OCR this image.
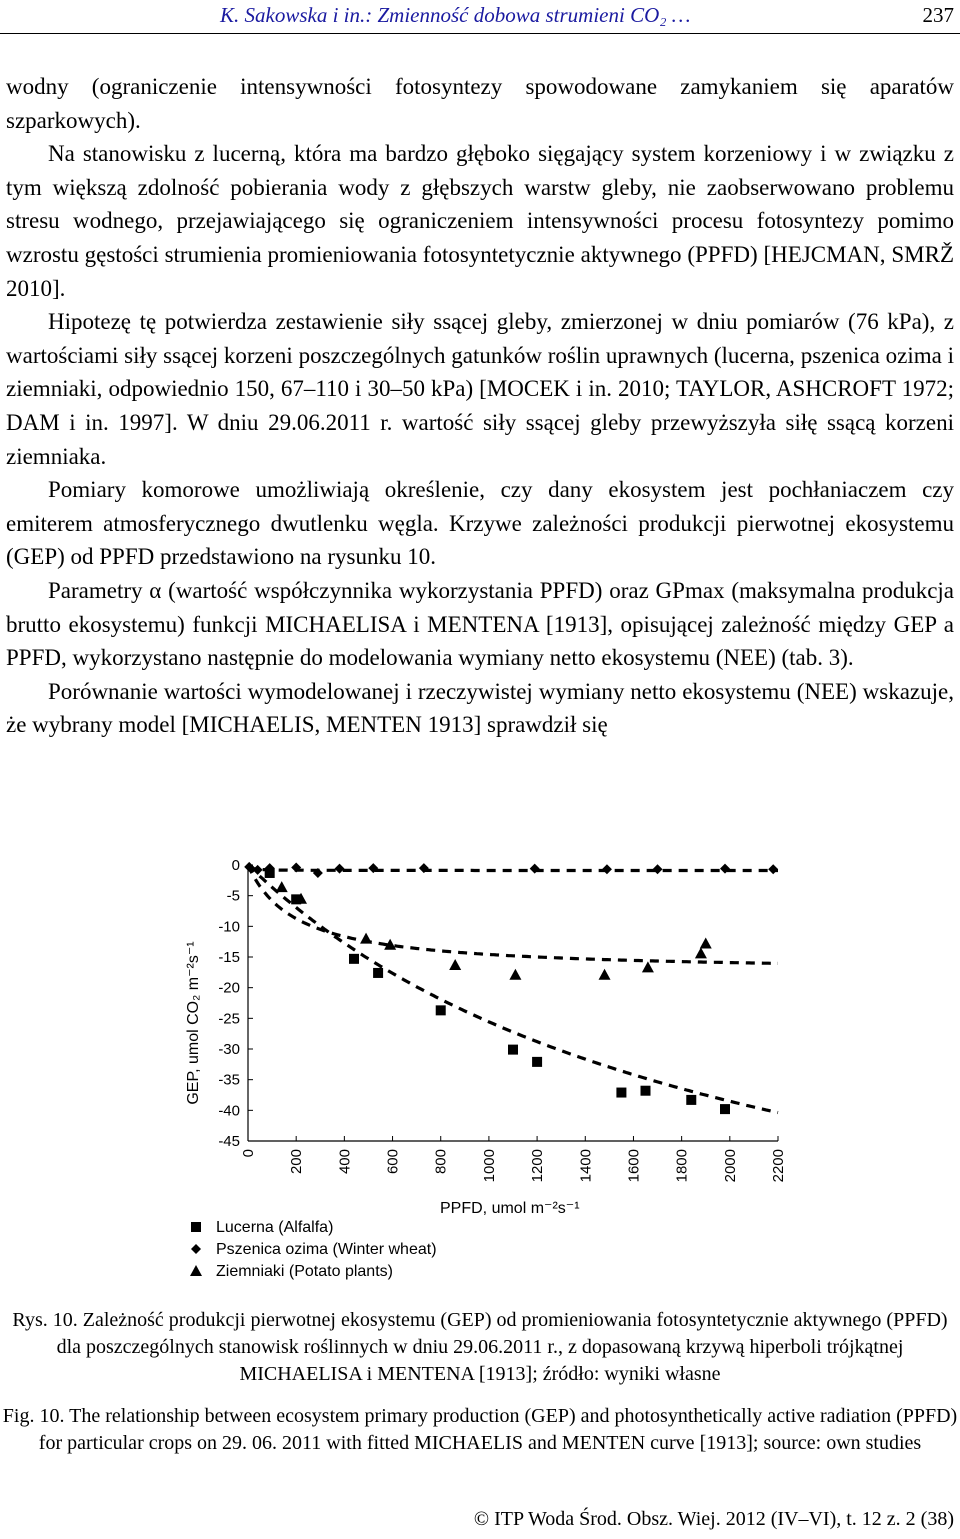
K. Sakowska i in.: Zmienność dobowa strumieni CO₂ …	237

wodny (ograniczenie intensywności fotosyntezy spowodowane zamykaniem się aparatów szparkowych).

Na stanowisku z lucerną, która ma bardzo głęboko sięgający system korzeniowy i w związku z tym większą zdolność pobierania wody z głębszych warstw gleby, nie zaobserwowano problemu stresu wodnego, przejawiającego się ograniczeniem intensywności procesu fotosyntezy pomimo wzrostu gęstości strumienia promieniowania fotosyntetycznie aktywnego (PPFD) [HEJCMAN, SMRŽ 2010].

Hipotezę tę potwierdza zestawienie siły ssącej gleby, zmierzonej w dniu pomiarów (76 kPa), z wartościami siły ssącej korzeni poszczególnych gatunków roślin uprawnych (lucerna, pszenica ozima i ziemniaki, odpowiednio 150, 67–110 i 30–50 kPa) [MOCEK i in. 2010; TAYLOR, ASHCROFT 1972; DAM i in. 1997]. W dniu 29.06.2011 r. wartość siły ssącej gleby przewyższyła siłę ssącą korzeni ziemniaka.

Pomiary komorowe umożliwiają określenie, czy dany ekosystem jest pochłaniaczem czy emiterem atmosferycznego dwutlenku węgla. Krzywe zależności produkcji pierwotnej ekosystemu (GEP) od PPFD przedstawiono na rysunku 10.

Parametry α (wartość współczynnika wykorzystania PPFD) oraz GPmax (maksymalna produkcja brutto ekosystemu) funkcji MICHAELISA i MENTENA [1913], opisującej zależność między GEP a PPFD, wykorzystano następnie do modelowania wymiany netto ekosystemu (NEE) (tab. 3).

Porównanie wartości wymodelowanej i rzeczywistej wymiany netto ekosystemu (NEE) wskazuje, że wybrany model [MICHAELIS, MENTEN 1913] sprawdził się

0
-5
-10
-15
-20
-25
-30
-35
-40
-45
0 200 400 600 800 1000 1200 1400 1600 1800 2000 2200
PPFD, umol m⁻²s⁻¹
GEP, umol CO₂ m⁻²s⁻¹
Lucerna (Alfalfa)
Pszenica ozima (Winter wheat)
Ziemniaki (Potato plants)

Rys. 10. Zależność produkcji pierwotnej ekosystemu (GEP) od promieniowania fotosyntetycznie aktywnego (PPFD) dla poszczególnych stanowisk roślinnych w dniu 29.06.2011 r., z dopasowaną krzywą hiperboli trójkątnej MICHAELISA i MENTENA [1913]; źródło: wyniki własne

Fig. 10. The relationship between ecosystem primary production (GEP) and photosynthetically active radiation (PPFD) for particular crops on 29. 06. 2011 with fitted MICHAELIS and MENTEN curve [1913]; source: own studies

© ITP Woda Środ. Obsz. Wiej. 2012 (IV–VI), t. 12 z. 2 (38)
